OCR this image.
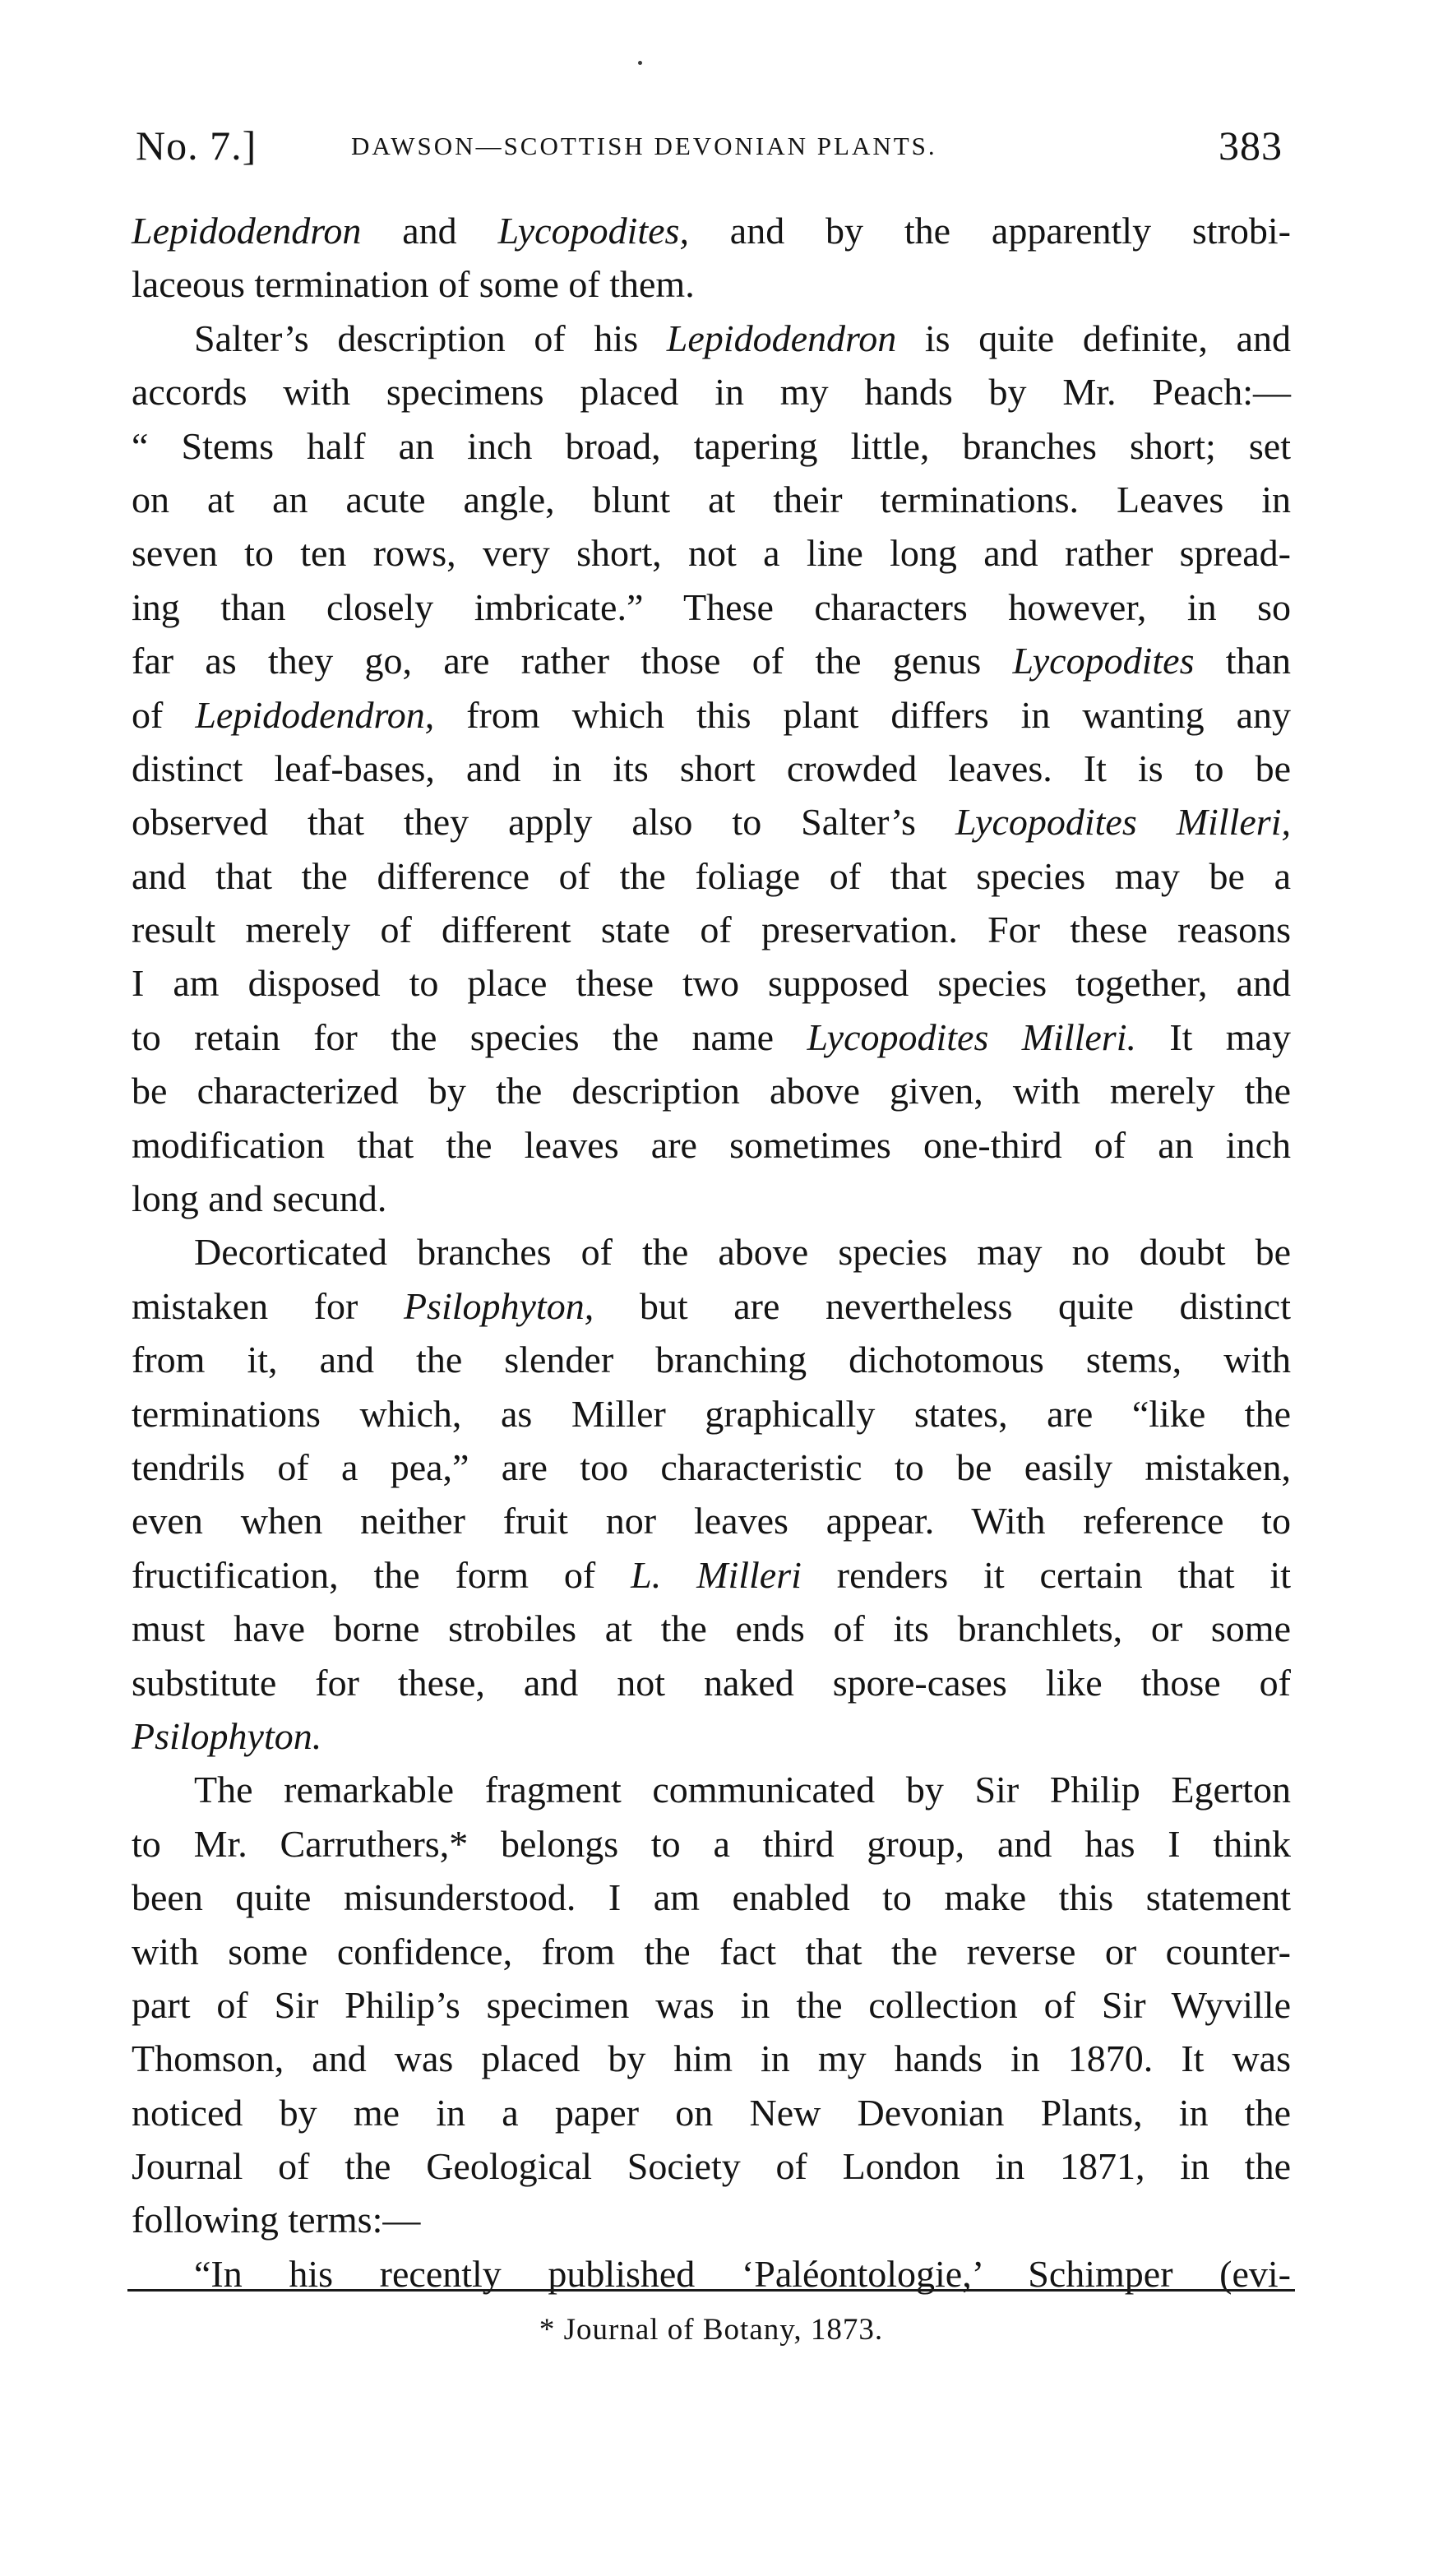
No. 7.]	DAWSON—SCOTTISH DEVONIAN PLANTS.	383
Lepidodendron and Lycopodites, and by the apparently strobi-
laceous termination of some of them.
Salter’s description of his Lepidodendron is quite definite, and
accords with specimens placed in my hands by Mr. Peach:—
“ Stems half an inch broad, tapering little, branches short; set
on at an acute angle, blunt at their terminations. Leaves in
seven to ten rows, very short, not a line long and rather spread-
ing than closely imbricate.” These characters however, in so
far as they go, are rather those of the genus Lycopodites than
of Lepidodendron, from which this plant differs in wanting any
distinct leaf-bases, and in its short crowded leaves. It is to be
observed that they apply also to Salter’s Lycopodites Milleri,
and that the difference of the foliage of that species may be a
result merely of different state of preservation. For these reasons
I am disposed to place these two supposed species together, and
to retain for the species the name Lycopodites Milleri. It may
be characterized by the description above given, with merely the
modification that the leaves are sometimes one-third of an inch
long and secund.
Decorticated branches of the above species may no doubt be
mistaken for Psilophyton, but are nevertheless quite distinct
from it, and the slender branching dichotomous stems, with
terminations which, as Miller graphically states, are “like the
tendrils of a pea,” are too characteristic to be easily mistaken,
even when neither fruit nor leaves appear. With reference to
fructification, the form of L. Milleri renders it certain that it
must have borne strobiles at the ends of its branchlets, or some
substitute for these, and not naked spore-cases like those of
Psilophyton.
The remarkable fragment communicated by Sir Philip Egerton
to Mr. Carruthers,* belongs to a third group, and has I think
been quite misunderstood. I am enabled to make this statement
with some confidence, from the fact that the reverse or counter-
part of Sir Philip’s specimen was in the collection of Sir Wyville
Thomson, and was placed by him in my hands in 1870. It was
noticed by me in a paper on New Devonian Plants, in the
Journal of the Geological Society of London in 1871, in the
following terms:—
“In his recently published ‘Paléontologie,’ Schimper (evi-
* Journal of Botany, 1873.
